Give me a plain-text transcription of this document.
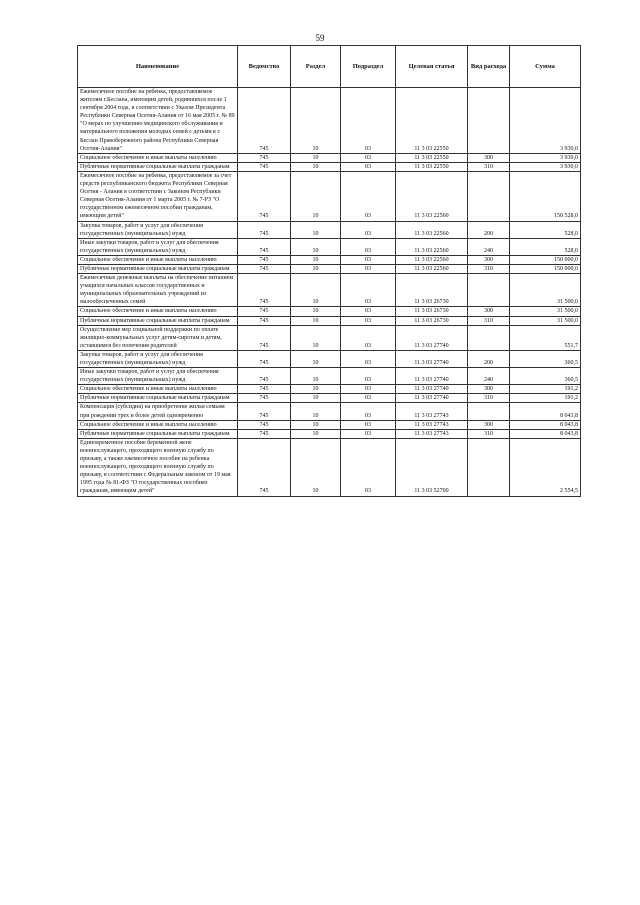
59
Наименование	Ведомство	Раздел	Подраздел	Целевая статья	Вид расхода	Сумма
Ежемесячное пособие на ребенка, предоставляемое жителям г.Беслана, имеющим детей, родившихся после 1 сентября 2004 года, в соответствии с Указом Президента Республики Северная Осетия-Алания от 16 мая 2005 г. № 89 "О мерах по улучшению медицинского обслуживания и материального положения молодых семей с детьми в г. Беслан Правобережного района Республики Северная Осетия-Алания"	745	10	03	11 3 03 22550		3 930,0
Социальное обеспечение и иные выплаты населению	745	10	03	11 3 03 22550	300	3 930,0
Публичные нормативные социальные выплаты гражданам	745	10	03	11 3 03 22550	310	3 930,0
Ежемесячное пособие на ребенка, предоставляемое за счет средств республиканского бюджета Республики Северная Осетия - Алания в соответствии с Законом Республики Северная Осетия-Алания от 1 марта 2005 г. № 7-РЗ "О государственном ежемесячном пособии гражданам, имеющим детей"	745	10	03	11 3 03 22560		150 528,0
Закупка товаров, работ и услуг для обеспечения государственных (муниципальных) нужд	745	10	03	11 3 03 22560	200	528,0
Иные закупки товаров, работ и услуг для обеспечения государственных (муниципальных) нужд	745	10	03	11 3 03 22560	240	528,0
Социальное обеспечение и иные выплаты населению	745	10	03	11 3 03 22560	300	150 000,0
Публичные нормативные социальные выплаты гражданам	745	10	03	11 3 03 22560	310	150 000,0
Ежемесячные денежные выплаты на обеспечение питанием учащихся начальных классов государственных и муниципальных образовательных учреждений из малообеспеченных семей	745	10	03	11 3 03 26730		31 500,0
Социальное обеспечение и иные выплаты населению	745	10	03	11 3 03 26730	300	31 500,0
Публичные нормативные социальные выплаты гражданам	745	10	03	11 3 03 26730	310	31 500,0
Осуществление мер социальной поддержки по оплате жилищно-коммунальных услуг детям-сиротам и детям, оставшимся без попечения родителей	745	10	03	11 3 03 27740		551,7
Закупка товаров, работ и услуг для обеспечения государственных (муниципальных) нужд	745	10	03	11 3 03 27740	200	360,5
Иные закупки товаров, работ и услуг для обеспечения государственных (муниципальных) нужд	745	10	03	11 3 03 27740	240	360,5
Социальное обеспечение и иные выплаты населению	745	10	03	11 3 03 27740	300	191,2
Публичные нормативные социальные выплаты гражданам	745	10	03	11 3 03 27740	310	191,2
Компенсация (субсидия) на приобретение жилья семьям при рождении трех и более детей одновременно	745	10	03	11 3 03 27743		8 043,8
Социальное обеспечение и иные выплаты населению	745	10	03	11 3 03 27743	300	8 043,8
Публичные нормативные социальные выплаты гражданам	745	10	03	11 3 03 27743	310	8 043,8
Единовременное пособие беременной жене военнослужащего, проходящего военную службу по призыву, а также ежемесячное пособие на ребенка военнослужащего, проходящего военную службу по призыву, в соответствии с Федеральным законом от 19 мая 1995 года № 81-ФЗ "О государственных пособиях гражданам, имеющим детей"	745	10	03	11 3 03 52700		2 554,5
